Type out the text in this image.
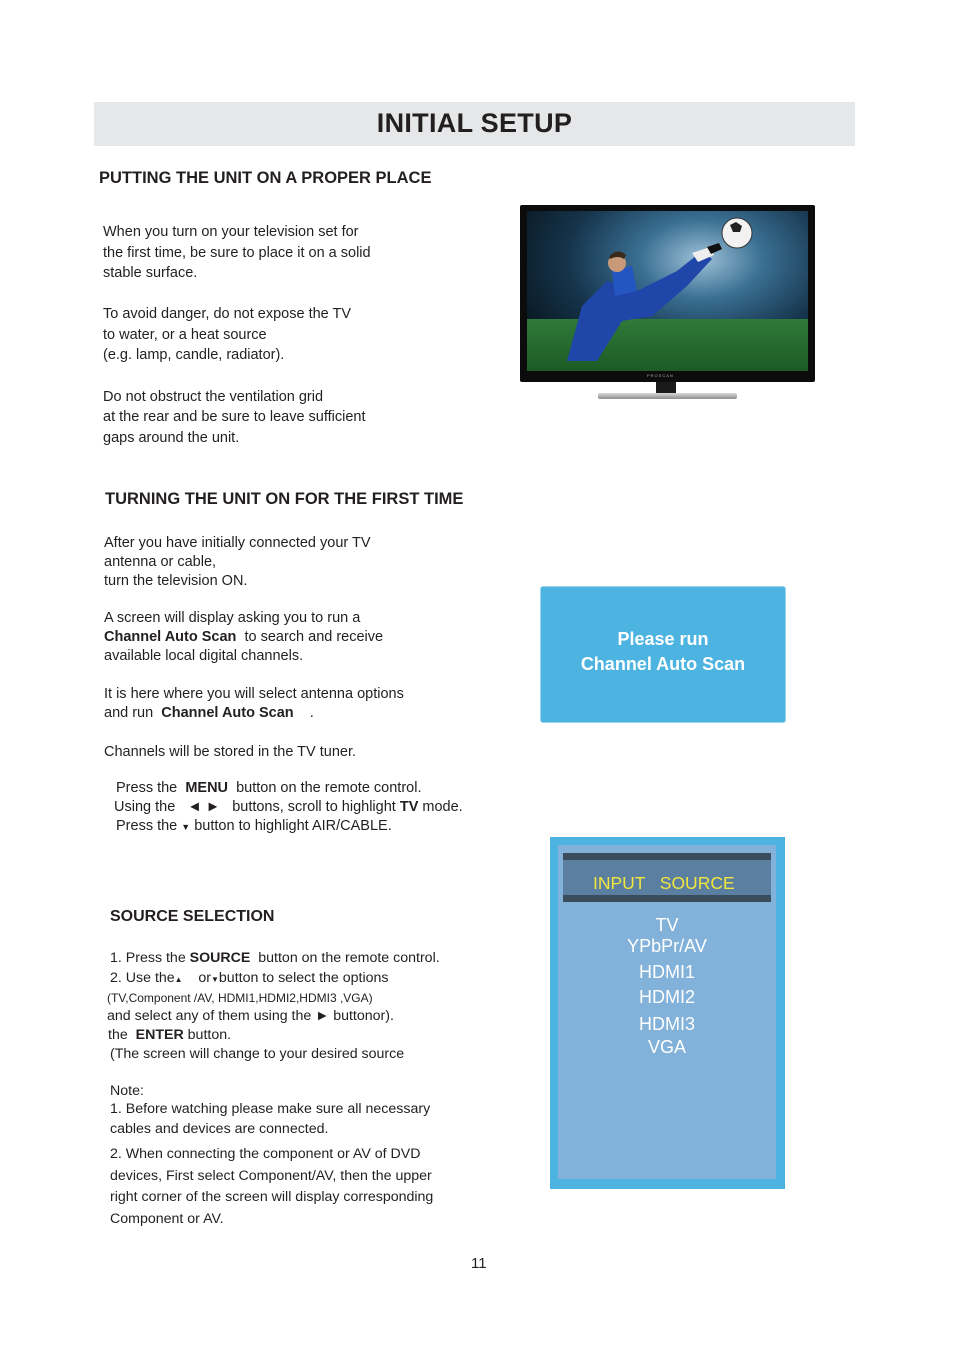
INITIAL SETUP
PUTTING THE UNIT ON A PROPER PLACE
When you turn on your television set for
the first time, be sure to place it on a solid
stable surface.
To avoid danger, do not expose the TV
to water, or a heat source
(e.g. lamp, candle, radiator).
Do not obstruct the ventilation grid
at the rear and be sure to leave sufficient
gaps around the unit.
PROSCAN
TURNING THE UNIT ON FOR THE FIRST TIME
After you have initially connected your TV
antenna or cable,
turn the television ON.
A screen will display asking you to run a
Channel Auto Scan to search and receive
available local digital channels.
It is here where you will select antenna options
and run Channel Auto Scan .
Channels will be stored in the TV tuner.
Press the MENU button on the remote control.
Using the ◄ ► buttons, scroll to highlight TV mode.
Press the ▼ button to highlight AIR/CABLE.
Please run
Channel Auto Scan
SOURCE SELECTION
1. Press the SOURCE button on the remote control.
2. Use the▲ or▼button to select the options
(TV,Component /AV, HDMI1,HDMI2,HDMI3 ,VGA)
and select any of them using the ► buttonor).
the ENTER button.
(The screen will change to your desired source
Note:
1. Before watching please make sure all necessary
cables and devices are connected.
2. When connecting the component or AV of DVD
devices, First select Component/AV, then the upper
right corner of the screen will display corresponding
Component or AV.
INPUT   SOURCE
TV
YPbPr/AV
HDMI1
HDMI2
HDMI3
VGA
11
